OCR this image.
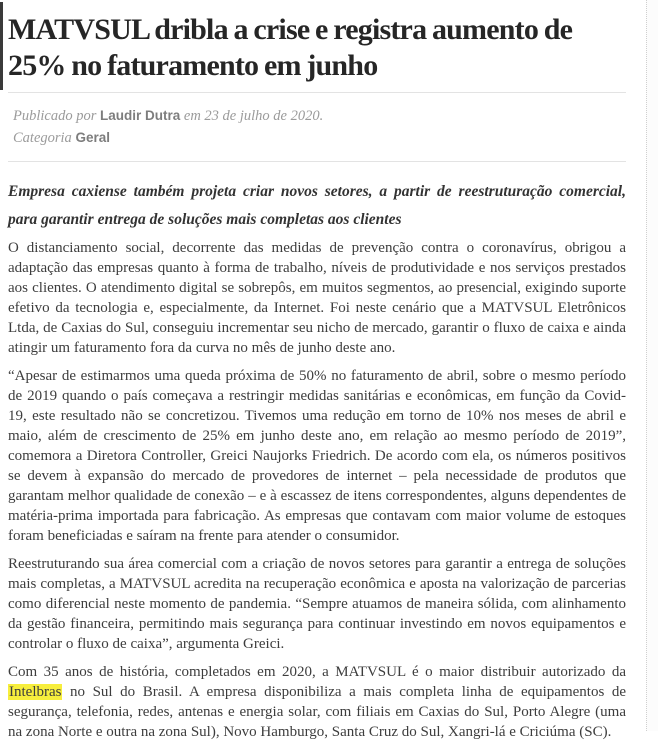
MATVSUL dribla a crise e registra aumento de 25% no faturamento em junho

Publicado por Laudir Dutra em 23 de julho de 2020.

Categoria Geral

Empresa caxiense também projeta criar novos setores, a partir de reestruturação comercial, para garantir entrega de soluções mais completas aos clientes

O distanciamento social, decorrente das medidas de prevenção contra o coronavírus, obrigou a adaptação das empresas quanto à forma de trabalho, níveis de produtividade e nos serviços prestados aos clientes. O atendimento digital se sobrepôs, em muitos segmentos, ao presencial, exigindo suporte efetivo da tecnologia e, especialmente, da Internet. Foi neste cenário que a MATVSUL Eletrônicos Ltda, de Caxias do Sul, conseguiu incrementar seu nicho de mercado, garantir o fluxo de caixa e ainda atingir um faturamento fora da curva no mês de junho deste ano.

“Apesar de estimarmos uma queda próxima de 50% no faturamento de abril, sobre o mesmo período de 2019 quando o país começava a restringir medidas sanitárias e econômicas, em função da Covid-19, este resultado não se concretizou. Tivemos uma redução em torno de 10% nos meses de abril e maio, além de crescimento de 25% em junho deste ano, em relação ao mesmo período de 2019”, comemora a Diretora Controller, Greici Naujorks Friedrich. De acordo com ela, os números positivos se devem à expansão do mercado de provedores de internet – pela necessidade de produtos que garantam melhor qualidade de conexão – e à escassez de itens correspondentes, alguns dependentes de matéria-prima importada para fabricação. As empresas que contavam com maior volume de estoques foram beneficiadas e saíram na frente para atender o consumidor.

Reestruturando sua área comercial com a criação de novos setores para garantir a entrega de soluções mais completas, a MATVSUL acredita na recuperação econômica e aposta na valorização de parcerias como diferencial neste momento de pandemia. “Sempre atuamos de maneira sólida, com alinhamento da gestão financeira, permitindo mais segurança para continuar investindo em novos equipamentos e controlar o fluxo de caixa”, argumenta Greici.

Com 35 anos de história, completados em 2020, a MATVSUL é o maior distribuir autorizado da Intelbras no Sul do Brasil. A empresa disponibiliza a mais completa linha de equipamentos de segurança, telefonia, redes, antenas e energia solar, com filiais em Caxias do Sul, Porto Alegre (uma na zona Norte e outra na zona Sul), Novo Hamburgo, Santa Cruz do Sul, Xangri-lá e Criciúma (SC).
